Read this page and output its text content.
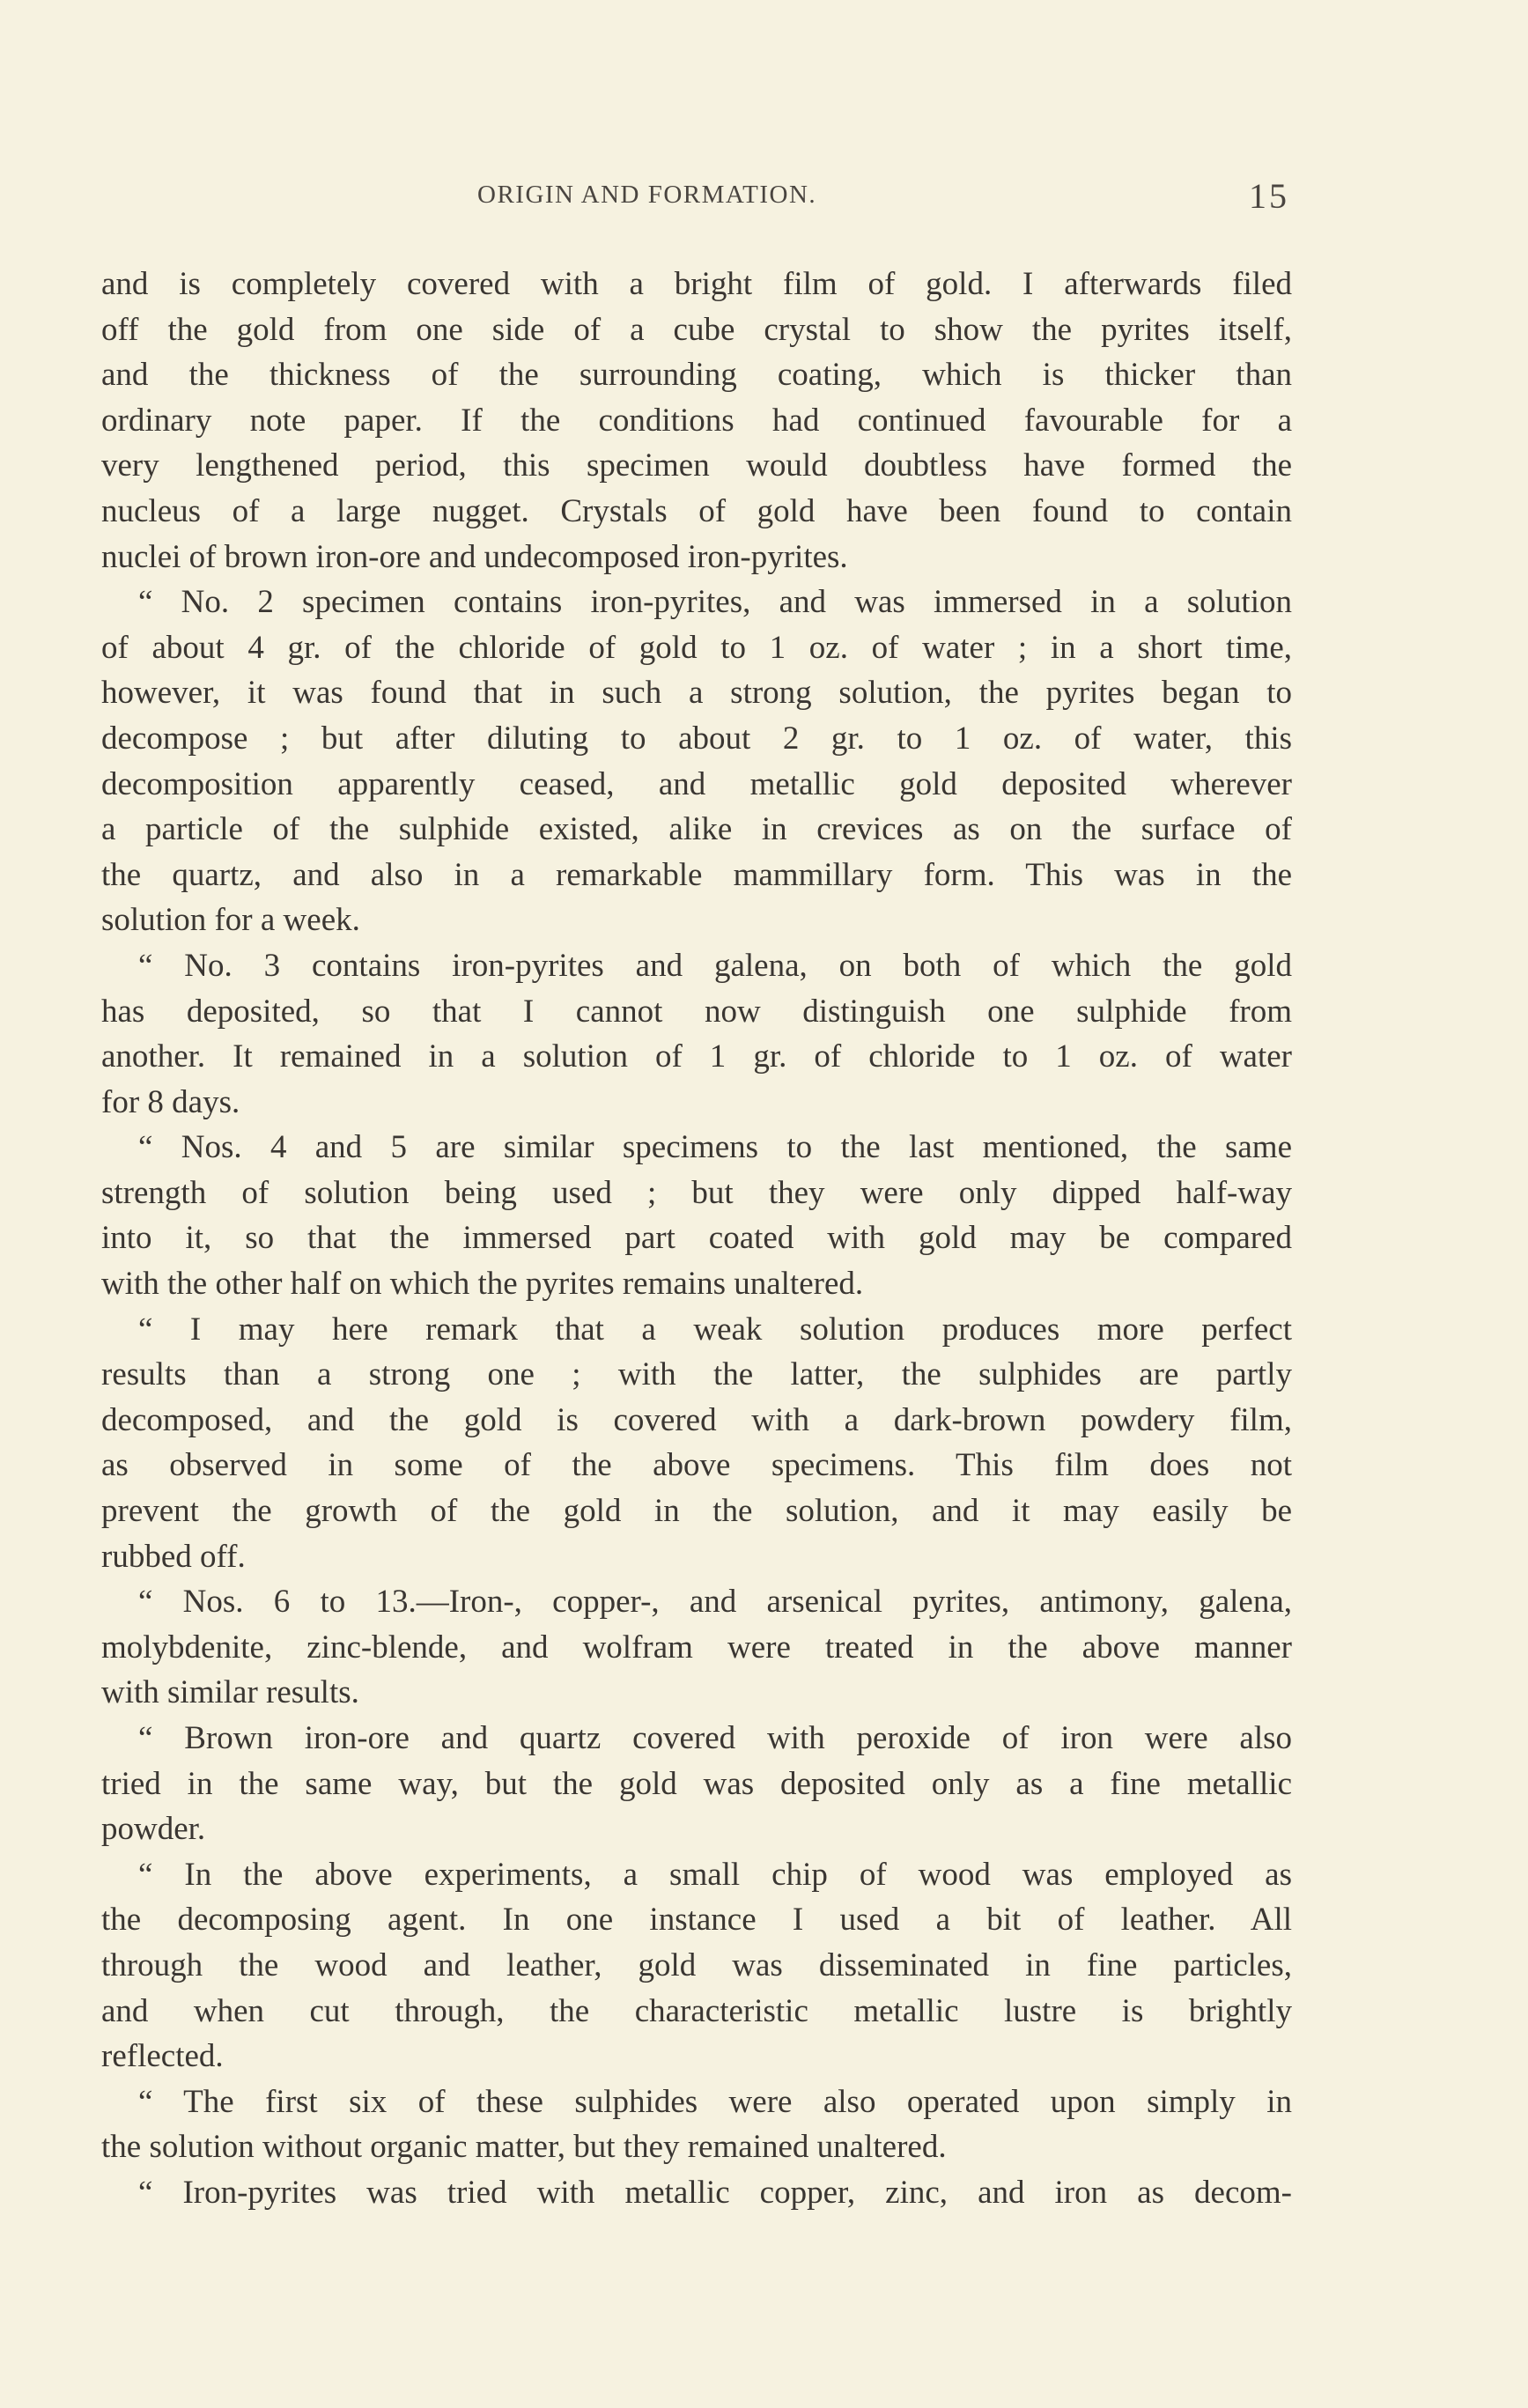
ORIGIN AND FORMATION.	15
and is completely covered with a bright film of gold. I afterwards filed
off the gold from one side of a cube crystal to show the pyrites itself,
and the thickness of the surrounding coating, which is thicker than
ordinary note paper. If the conditions had continued favourable for a
very lengthened period, this specimen would doubtless have formed the
nucleus of a large nugget. Crystals of gold have been found to contain
nuclei of brown iron-ore and undecomposed iron-pyrites.
“ No. 2 specimen contains iron-pyrites, and was immersed in a solution
of about 4 gr. of the chloride of gold to 1 oz. of water ; in a short time,
however, it was found that in such a strong solution, the pyrites began to
decompose ; but after diluting to about 2 gr. to 1 oz. of water, this
decomposition apparently ceased, and metallic gold deposited wherever
a particle of the sulphide existed, alike in crevices as on the surface of
the quartz, and also in a remarkable mammillary form. This was in the
solution for a week.
“ No. 3 contains iron-pyrites and galena, on both of which the gold
has deposited, so that I cannot now distinguish one sulphide from
another. It remained in a solution of 1 gr. of chloride to 1 oz. of water
for 8 days.
“ Nos. 4 and 5 are similar specimens to the last mentioned, the same
strength of solution being used ; but they were only dipped half-way
into it, so that the immersed part coated with gold may be compared
with the other half on which the pyrites remains unaltered.
“ I may here remark that a weak solution produces more perfect
results than a strong one ; with the latter, the sulphides are partly
decomposed, and the gold is covered with a dark-brown powdery film,
as observed in some of the above specimens. This film does not
prevent the growth of the gold in the solution, and it may easily be
rubbed off.
“ Nos. 6 to 13.—Iron-, copper-, and arsenical pyrites, antimony, galena,
molybdenite, zinc-blende, and wolfram were treated in the above manner
with similar results.
“ Brown iron-ore and quartz covered with peroxide of iron were also
tried in the same way, but the gold was deposited only as a fine metallic
powder.
“ In the above experiments, a small chip of wood was employed as
the decomposing agent. In one instance I used a bit of leather. All
through the wood and leather, gold was disseminated in fine particles,
and when cut through, the characteristic metallic lustre is brightly
reflected.
“ The first six of these sulphides were also operated upon simply in
the solution without organic matter, but they remained unaltered.
“ Iron-pyrites was tried with metallic copper, zinc, and iron as decom-
